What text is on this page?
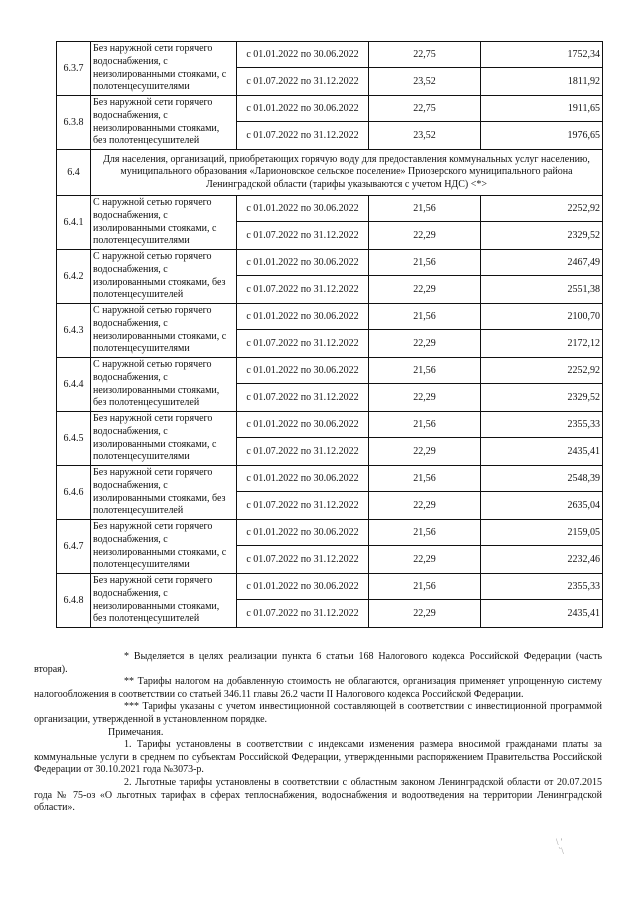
6.3.7	Без наружной сети горячего водоснабжения, с неизолированными стояками, с полотенцесушителями	с 01.01.2022 по 30.06.2022	22,75	1752,34
		с 01.07.2022 по 31.12.2022	23,52	1811,92
6.3.8	Без наружной сети горячего водоснабжения, с неизолированными стояками, без полотенцесушителей	с 01.01.2022 по 30.06.2022	22,75	1911,65
		с 01.07.2022 по 31.12.2022	23,52	1976,65
6.4	Для населения, организаций, приобретающих горячую воду для предоставления коммунальных услуг населению, муниципального образования «Ларионовское сельское поселение» Приозерского муниципального района Ленинградской области (тарифы указываются с учетом НДС) <*>			
6.4.1	С наружной сетью горячего водоснабжения, с изолированными стояками, с полотенцесушителями	с 01.01.2022 по 30.06.2022	21,56	2252,92
		с 01.07.2022 по 31.12.2022	22,29	2329,52
6.4.2	С наружной сетью горячего водоснабжения, с изолированными стояками, без полотенцесушителей	с 01.01.2022 по 30.06.2022	21,56	2467,49
		с 01.07.2022 по 31.12.2022	22,29	2551,38
6.4.3	С наружной сетью горячего водоснабжения, с неизолированными стояками, с полотенцесушителями	с 01.01.2022 по 30.06.2022	21,56	2100,70
		с 01.07.2022 по 31.12.2022	22,29	2172,12
6.4.4	С наружной сетью горячего водоснабжения, с неизолированными стояками, без полотенцесушителей	с 01.01.2022 по 30.06.2022	21,56	2252,92
		с 01.07.2022 по 31.12.2022	22,29	2329,52
6.4.5	Без наружной сети горячего водоснабжения, с изолированными стояками, с полотенцесушителями	с 01.01.2022 по 30.06.2022	21,56	2355,33
		с 01.07.2022 по 31.12.2022	22,29	2435,41
6.4.6	Без наружной сети горячего водоснабжения, с изолированными стояками, без полотенцесушителей	с 01.01.2022 по 30.06.2022	21,56	2548,39
		с 01.07.2022 по 31.12.2022	22,29	2635,04
6.4.7	Без наружной сети горячего водоснабжения, с неизолированными стояками, с полотенцесушителями	с 01.01.2022 по 30.06.2022	21,56	2159,05
		с 01.07.2022 по 31.12.2022	22,29	2232,46
6.4.8	Без наружной сети горячего водоснабжения, с неизолированными стояками, без полотенцесушителей	с 01.01.2022 по 30.06.2022	21,56	2355,33
		с 01.07.2022 по 31.12.2022	22,29	2435,41

* Выделяется в целях реализации пункта 6 статьи 168 Налогового кодекса Российской Федерации (часть вторая).

** Тарифы налогом на добавленную стоимость не облагаются, организация применяет упрощенную систему налогообложения в соответствии со статьей 346.11 главы 26.2 части II Налогового кодекса Российской Федерации.

*** Тарифы указаны с учетом инвестиционной составляющей в соответствии с инвестиционной программой организации, утвержденной в установленном порядке.

Примечания.

1. Тарифы установлены в соответствии с индексами изменения размера вносимой гражданами платы за коммунальные услуги в среднем по субъектам Российской Федерации, утвержденными распоряжением Правительства Российской Федерации от 30.10.2021 года №3073-р.

2. Льготные тарифы установлены в соответствии с областным законом Ленинградской области от 20.07.2015 года № 75-оз «О льготных тарифах в сферах теплоснабжения, водоснабжения и водоотведения на территории Ленинградской области».

\ '
`\
